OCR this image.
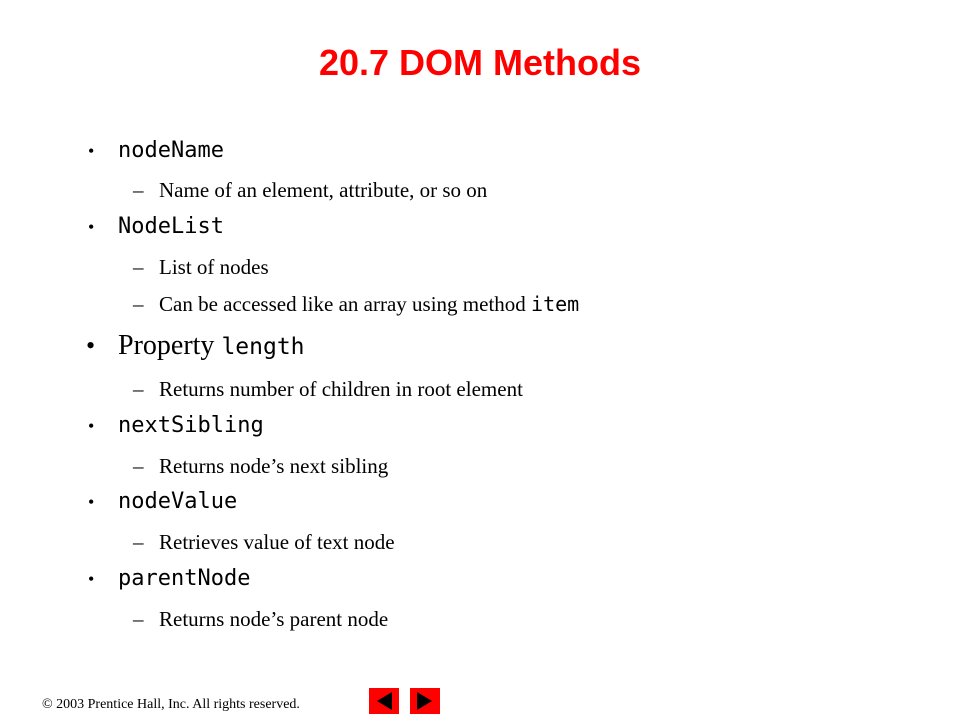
20.7 DOM Methods
• nodeName
– Name of an element, attribute, or so on
• NodeList
– List of nodes
– Can be accessed like an array using method item
• Property length
– Returns number of children in root element
• nextSibling
– Returns node’s next sibling
• nodeValue
– Retrieves value of text node
• parentNode
– Returns node’s parent node
© 2003 Prentice Hall, Inc. All rights reserved.
